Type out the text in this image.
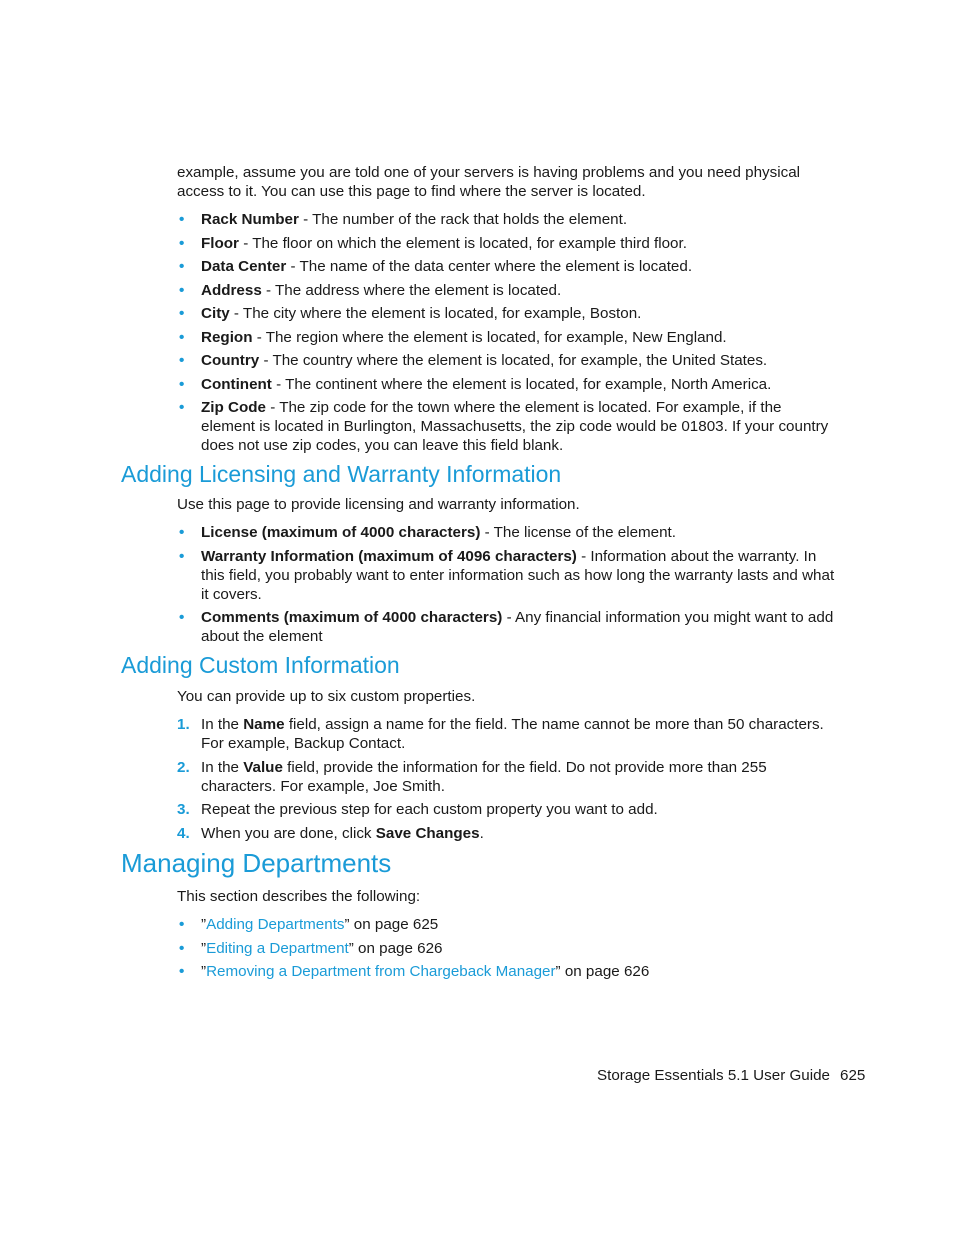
example, assume you are told one of your servers is having problems and you need physical access to it. You can use this page to find where the server is located.
• Rack Number - The number of the rack that holds the element.
• Floor - The floor on which the element is located, for example third floor.
• Data Center - The name of the data center where the element is located.
• Address - The address where the element is located.
• City - The city where the element is located, for example, Boston.
• Region - The region where the element is located, for example, New England.
• Country - The country where the element is located, for example, the United States.
• Continent - The continent where the element is located, for example, North America.
• Zip Code - The zip code for the town where the element is located. For example, if the element is located in Burlington, Massachusetts, the zip code would be 01803. If your country does not use zip codes, you can leave this field blank.
Adding Licensing and Warranty Information
Use this page to provide licensing and warranty information.
• License (maximum of 4000 characters) - The license of the element.
• Warranty Information (maximum of 4096 characters) - Information about the warranty. In this field, you probably want to enter information such as how long the warranty lasts and what it covers.
• Comments (maximum of 4000 characters) - Any financial information you might want to add about the element
Adding Custom Information
You can provide up to six custom properties.
1. In the Name field, assign a name for the field. The name cannot be more than 50 characters. For example, Backup Contact.
2. In the Value field, provide the information for the field. Do not provide more than 255 characters. For example, Joe Smith.
3. Repeat the previous step for each custom property you want to add.
4. When you are done, click Save Changes.
Managing Departments
This section describes the following:
• ”Adding Departments” on page 625
• ”Editing a Department” on page 626
• ”Removing a Department from Chargeback Manager” on page 626
Storage Essentials 5.1 User Guide 625
